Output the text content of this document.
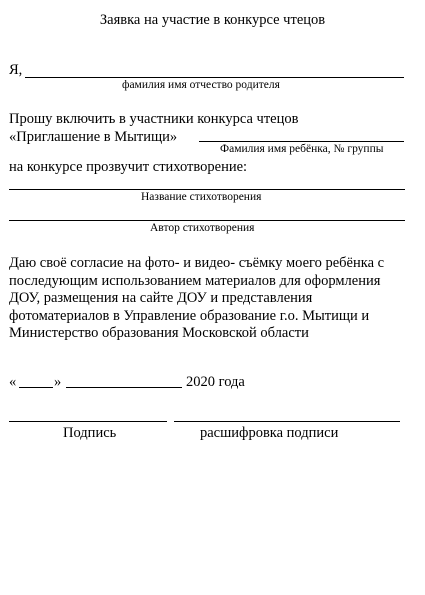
Заявка на участие в конкурсе чтецов
Я,
фамилия имя отчество родителя
Прошу включить в участники конкурса чтецов
«Приглашение в Мытищи»
Фамилия имя ребёнка, № группы
на конкурсе прозвучит стихотворение:
Название стихотворения
Автор стихотворения
Даю своё согласие на фото- и видео- съёмку моего ребёнка с последующим использованием материалов для оформления ДОУ, размещения на сайте ДОУ и представления фотоматериалов в Управление образование г.о. Мытищи и Министерство образования Московской области
«	»	2020 года
Подпись	расшифровка подписи
